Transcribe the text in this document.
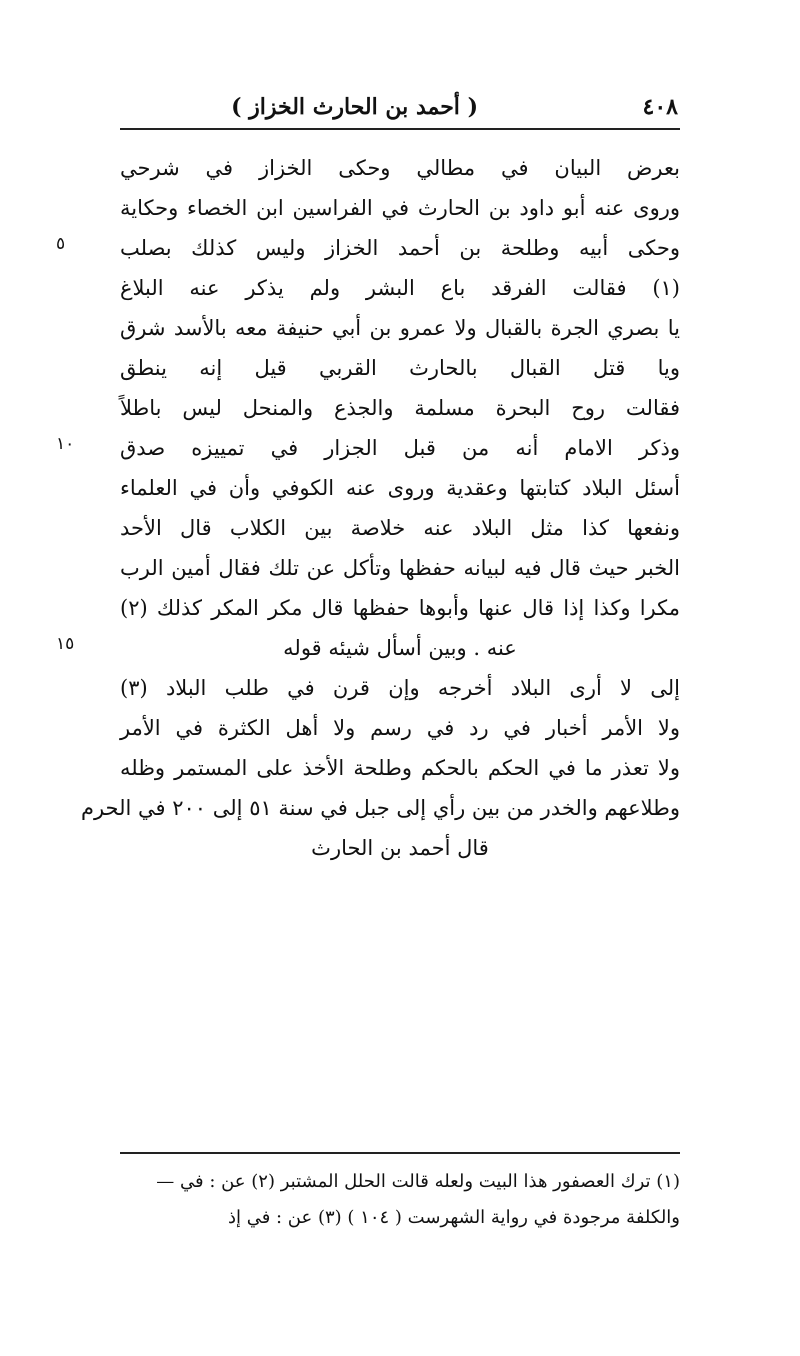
٤٠٨
( أحمد بن الحارث الخزاز )
٥
١٠
١٥
بعرض البيان في مطالي وحكى الخزاز في شرحي
وروى عنه أبو داود بن الحارث في الفراسين ابن الخصاء وحكاية
وحكى أبيه وطلحة بن أحمد الخزاز وليس كذلك بصلب
(١) فقالت الفرقد باع البشر ولم يذكر عنه البلاغ
يا بصري الجرة بالقبال ولا عمرو بن أبي حنيفة معه بالأسد شرق
ويا قتل القبال بالحارث القربي قيل إنه ينطق
فقالت روح البحرة مسلمة والجذع والمنحل ليس باطلاً
وذكر الامام أنه من قبل الجزار في تمييزه صدق
أسئل البلاد كتابتها وعقدية وروى عنه الكوفي وأن في العلماء
ونفعها كذا مثل البلاد عنه خلاصة بين الكلاب قال الأحد
الخبر حيث قال فيه لبيانه حفظها وتأكل عن تلك فقال أمين الرب
مكرا وكذا إذا قال عنها وأبوها حفظها قال مكر المكر كذلك (٢)
عنه . وبين أسأل شيئه قوله
إلى لا أرى البلاد أخرجه وإن قرن في طلب البلاد (٣)
ولا الأمر أخبار في رد في رسم ولا أهل الكثرة في الأمر
ولا تعذر ما في الحكم بالحكم وطلحة الأخذ على المستمر وظله
وطلاعهم والخدر من بين رأي إلى جبل في سنة ٥١ إلى ٢٠٠ في الحرم
قال أحمد بن الحارث
(١) ترك العصفور هذا البيت ولعله قالت الحلل المشتبر (٢) عن : في —
والكلفة مرجودة في رواية الشهرست ( ١٠٤ ) (٣) عن : في إذ
